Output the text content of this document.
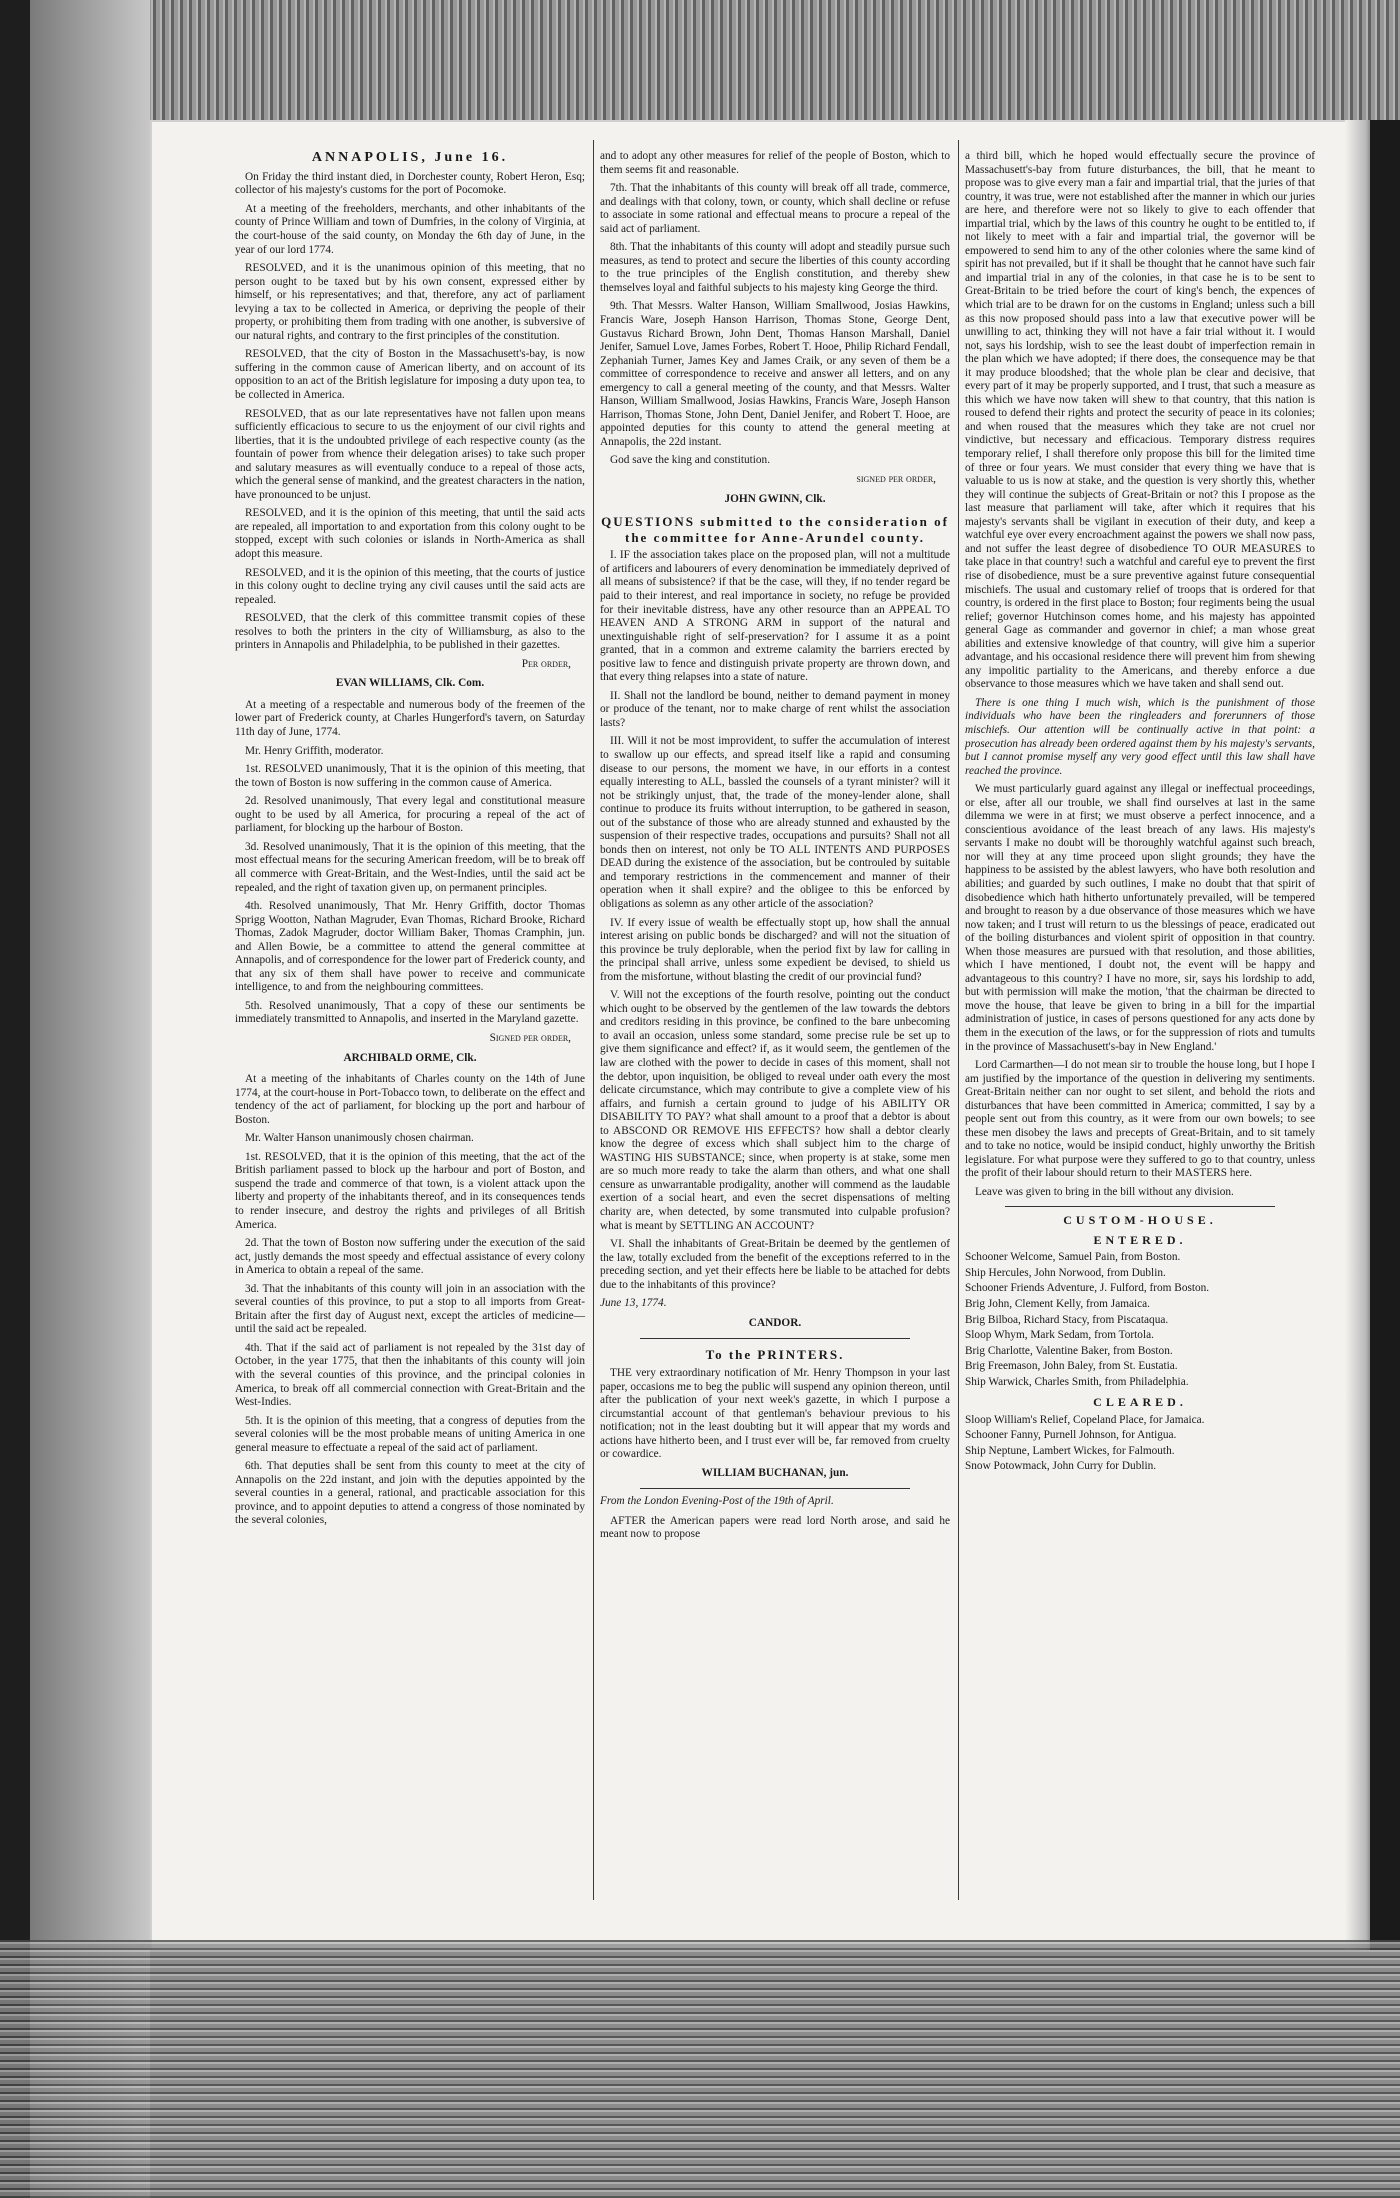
ANNAPOLIS, June 16.

On Friday the third instant died, in Dorchester county, Robert Heron, Esq; collector of his majesty's customs for the port of Pocomoke.

At a meeting of the freeholders, merchants, and other inhabitants of the county of Prince William and town of Dumfries, in the colony of Virginia, at the court-house of the said county, on Monday the 6th day of June, in the year of our lord 1774.

RESOLVED, and it is the unanimous opinion of this meeting, that no person ought to be taxed but by his own consent, expressed either by himself, or his representatives; and that, therefore, any act of parliament levying a tax to be collected in America, or depriving the people of their property, or prohibiting them from trading with one another, is subversive of our natural rights, and contrary to the first principles of the constitution.

RESOLVED, that the city of Boston in the Massachusett's-bay, is now suffering in the common cause of American liberty, and on account of its opposition to an act of the British legislature for imposing a duty upon tea, to be collected in America.

RESOLVED, that as our late representatives have not fallen upon means sufficiently efficacious to secure to us the enjoyment of our civil rights and liberties, that it is the undoubted privilege of each respective county (as the fountain of power from whence their delegation arises) to take such proper and salutary measures as will eventually conduce to a repeal of those acts, which the general sense of mankind, and the greatest characters in the nation, have pronounced to be unjust.

RESOLVED, and it is the opinion of this meeting, that until the said acts are repealed, all importation to and exportation from this colony ought to be stopped, except with such colonies or islands in North-America as shall adopt this measure.

RESOLVED, and it is the opinion of this meeting, that the courts of justice in this colony ought to decline trying any civil causes until the said acts are repealed.

RESOLVED, that the clerk of this committee transmit copies of these resolves to both the printers in the city of Williamsburg, as also to the printers in Annapolis and Philadelphia, to be published in their gazettes.

Per order,
EVAN WILLIAMS, Clk. Com.

At a meeting of a respectable and numerous body of the freemen of the lower part of Frederick county, at Charles Hungerford's tavern, on Saturday 11th day of June, 1774.

Mr. Henry Griffith, moderator.

1st. RESOLVED unanimously, That it is the opinion of this meeting, that the town of Boston is now suffering in the common cause of America.

2d. Resolved unanimously, That every legal and constitutional measure ought to be used by all America, for procuring a repeal of the act of parliament, for blocking up the harbour of Boston.

3d. Resolved unanimously, That it is the opinion of this meeting, that the most effectual means for the securing American freedom, will be to break off all commerce with Great-Britain, and the West-Indies, until the said act be repealed, and the right of taxation given up, on permanent principles.

4th. Resolved unanimously, That Mr. Henry Griffith, doctor Thomas Sprigg Wootton, Nathan Magruder, Evan Thomas, Richard Brooke, Richard Thomas, Zadok Magruder, doctor William Baker, Thomas Cramphin, jun. and Allen Bowie, be a committee to attend the general committee at Annapolis, and of correspondence for the lower part of Frederick county, and that any six of them shall have power to receive and communicate intelligence, to and from the neighbouring committees.

5th. Resolved unanimously, That a copy of these our sentiments be immediately transmitted to Annapolis, and inserted in the Maryland gazette.

Signed per order,
ARCHIBALD ORME, Clk.

At a meeting of the inhabitants of Charles county on the 14th of June 1774, at the court-house in Port-Tobacco town, to deliberate on the effect and tendency of the act of parliament, for blocking up the port and harbour of Boston.

Mr. Walter Hanson unanimously chosen chairman.

1st. RESOLVED, that it is the opinion of this meeting, that the act of the British parliament passed to block up the harbour and port of Boston, and suspend the trade and commerce of that town, is a violent attack upon the liberty and property of the inhabitants thereof, and in its consequences tends to render insecure, and destroy the rights and privileges of all British America.

2d. That the town of Boston now suffering under the execution of the said act, justly demands the most speedy and effectual assistance of every colony in America to obtain a repeal of the same.

3d. That the inhabitants of this county will join in an association with the several counties of this province, to put a stop to all imports from Great-Britain after the first day of August next, except the articles of medicine—until the said act be repealed.

4th. That if the said act of parliament is not repealed by the 31st day of October, in the year 1775, that then the inhabitants of this county will join with the several counties of this province, and the principal colonies in America, to break off all commercial connection with Great-Britain and the West-Indies.

5th. It is the opinion of this meeting, that a congress of deputies from the several colonies will be the most probable means of uniting America in one general measure to effectuate a repeal of the said act of parliament.

6th. That deputies shall be sent from this county to meet at the city of Annapolis on the 22d instant, and join with the deputies appointed by the several counties in a general, rational, and practicable association for this province, and to appoint deputies to attend a congress of those nominated by the several colonies,

and to adopt any other measures for relief of the people of Boston, which to them seems fit and reasonable.

7th. That the inhabitants of this county will break off all trade, commerce, and dealings with that colony, town, or county, which shall decline or refuse to associate in some rational and effectual means to procure a repeal of the said act of parliament.

8th. That the inhabitants of this county will adopt and steadily pursue such measures, as tend to protect and secure the liberties of this county according to the true principles of the English constitution, and thereby shew themselves loyal and faithful subjects to his majesty king George the third.

9th. That Messrs. Walter Hanson, William Smallwood, Josias Hawkins, Francis Ware, Joseph Hanson Harrison, Thomas Stone, George Dent, Gustavus Richard Brown, John Dent, Thomas Hanson Marshall, Daniel Jenifer, Samuel Love, James Forbes, Robert T. Hooe, Philip Richard Fendall, Zephaniah Turner, James Key and James Craik, or any seven of them be a committee of correspondence to receive and answer all letters, and on any emergency to call a general meeting of the county, and that Messrs. Walter Hanson, William Smallwood, Josias Hawkins, Francis Ware, Joseph Hanson Harrison, Thomas Stone, John Dent, Daniel Jenifer, and Robert T. Hooe, are appointed deputies for this county to attend the general meeting at Annapolis, the 22d instant.

God save the king and constitution.

signed per order,
JOHN GWINN, Clk.
QUESTIONS submitted to the consideration of the committee for Anne-Arundel county.

I. IF the association takes place on the proposed plan, will not a multitude of artificers and labourers of every denomination be immediately deprived of all means of subsistence? if that be the case, will they, if no tender regard be paid to their interest, and real importance in society, no refuge be provided for their inevitable distress, have any other resource than an APPEAL TO HEAVEN AND A STRONG ARM in support of the natural and unextinguishable right of self-preservation? for I assume it as a point granted, that in a common and extreme calamity the barriers erected by positive law to fence and distinguish private property are thrown down, and that every thing relapses into a state of nature.

II. Shall not the landlord be bound, neither to demand payment in money or produce of the tenant, nor to make charge of rent whilst the association lasts?

III. Will it not be most improvident, to suffer the accumulation of interest to swallow up our effects, and spread itself like a rapid and consuming disease to our persons, the moment we have, in our efforts in a contest equally interesting to ALL, bassled the counsels of a tyrant minister? will it not be strikingly unjust, that, the trade of the money-lender alone, shall continue to produce its fruits without interruption, to be gathered in season, out of the substance of those who are already stunned and exhausted by the suspension of their respective trades, occupations and pursuits? Shall not all bonds then on interest, not only be TO ALL INTENTS AND PURPOSES DEAD during the existence of the association, but be controuled by suitable and temporary restrictions in the commencement and manner of their operation when it shall expire? and the obligee to this be enforced by obligations as solemn as any other article of the association?

IV. If every issue of wealth be effectually stopt up, how shall the annual interest arising on public bonds be discharged? and will not the situation of this province be truly deplorable, when the period fixt by law for calling in the principal shall arrive, unless some expedient be devised, to shield us from the misfortune, without blasting the credit of our provincial fund?

V. Will not the exceptions of the fourth resolve, pointing out the conduct which ought to be observed by the gentlemen of the law towards the debtors and creditors residing in this province, be confined to the bare unbecoming to avail an occasion, unless some standard, some precise rule be set up to give them significance and effect? if, as it would seem, the gentlemen of the law are clothed with the power to decide in cases of this moment, shall not the debtor, upon inquisition, be obliged to reveal under oath every the most delicate circumstance, which may contribute to give a complete view of his affairs, and furnish a certain ground to judge of his ABILITY OR DISABILITY TO PAY? what shall amount to a proof that a debtor is about to ABSCOND OR REMOVE HIS EFFECTS? how shall a debtor clearly know the degree of excess which shall subject him to the charge of WASTING HIS SUBSTANCE; since, when property is at stake, some men are so much more ready to take the alarm than others, and what one shall censure as unwarrantable prodigality, another will commend as the laudable exertion of a social heart, and even the secret dispensations of melting charity are, when detected, by some transmuted into culpable profusion? what is meant by SETTLING AN ACCOUNT?

VI. Shall the inhabitants of Great-Britain be deemed by the gentlemen of the law, totally excluded from the benefit of the exceptions referred to in the preceding section, and yet their effects here be liable to be attached for debts due to the inhabitants of this province?

June 13, 1774.
CANDOR.
To the PRINTERS.

THE very extraordinary notification of Mr. Henry Thompson in your last paper, occasions me to beg the public will suspend any opinion thereon, until after the publication of your next week's gazette, in which I purpose a circumstantial account of that gentleman's behaviour previous to his notification; not in the least doubting but it will appear that my words and actions have hitherto been, and I trust ever will be, far removed from cruelty or cowardice.

WILLIAM BUCHANAN, jun.
From the London Evening-Post of the 19th of April.

AFTER the American papers were read lord North arose, and said he meant now to propose

a third bill, which he hoped would effectually secure the province of Massachusett's-bay from future disturbances, the bill, that he meant to propose was to give every man a fair and impartial trial, that the juries of that country, it was true, were not established after the manner in which our juries are here, and therefore were not so likely to give to each offender that impartial trial, which by the laws of this country he ought to be entitled to, if not likely to meet with a fair and impartial trial, the governor will be empowered to send him to any of the other colonies where the same kind of spirit has not prevailed, but if it shall be thought that he cannot have such fair and impartial trial in any of the colonies, in that case he is to be sent to Great-Britain to be tried before the court of king's bench, the expences of which trial are to be drawn for on the customs in England; unless such a bill as this now proposed should pass into a law that executive power will be unwilling to act, thinking they will not have a fair trial without it. I would not, says his lordship, wish to see the least doubt of imperfection remain in the plan which we have adopted; if there does, the consequence may be that it may produce bloodshed; that the whole plan be clear and decisive, that every part of it may be properly supported, and I trust, that such a measure as this which we have now taken will shew to that country, that this nation is roused to defend their rights and protect the security of peace in its colonies; and when roused that the measures which they take are not cruel nor vindictive, but necessary and efficacious. Temporary distress requires temporary relief, I shall therefore only propose this bill for the limited time of three or four years. We must consider that every thing we have that is valuable to us is now at stake, and the question is very shortly this, whether they will continue the subjects of Great-Britain or not? this I propose as the last measure that parliament will take, after which it requires that his majesty's servants shall be vigilant in execution of their duty, and keep a watchful eye over every encroachment against the powers we shall now pass, and not suffer the least degree of disobedience TO OUR MEASURES to take place in that country! such a watchful and careful eye to prevent the first rise of disobedience, must be a sure preventive against future consequential mischiefs. The usual and customary relief of troops that is ordered for that country, is ordered in the first place to Boston; four regiments being the usual relief; governor Hutchinson comes home, and his majesty has appointed general Gage as commander and governor in chief; a man whose great abilities and extensive knowledge of that country, will give him a superior advantage, and his occasional residence there will prevent him from shewing any impolitic partiality to the Americans, and thereby enforce a due observance to those measures which we have taken and shall send out.

There is one thing I much wish, which is the punishment of those individuals who have been the ringleaders and forerunners of those mischiefs. Our attention will be continually active in that point: a prosecution has already been ordered against them by his majesty's servants, but I cannot promise myself any very good effect until this law shall have reached the province.

We must particularly guard against any illegal or ineffectual proceedings, or else, after all our trouble, we shall find ourselves at last in the same dilemma we were in at first; we must observe a perfect innocence, and a conscientious avoidance of the least breach of any laws. His majesty's servants I make no doubt will be thoroughly watchful against such breach, nor will they at any time proceed upon slight grounds; they have the happiness to be assisted by the ablest lawyers, who have both resolution and abilities; and guarded by such outlines, I make no doubt that that spirit of disobedience which hath hitherto unfortunately prevailed, will be tempered and brought to reason by a due observance of those measures which we have now taken; and I trust will return to us the blessings of peace, eradicated out of the boiling disturbances and violent spirit of opposition in that country. When those measures are pursued with that resolution, and those abilities, which I have mentioned, I doubt not, the event will be happy and advantageous to this country? I have no more, sir, says his lordship to add, but with permission will make the motion, 'that the chairman be directed to move the house, that leave be given to bring in a bill for the impartial administration of justice, in cases of persons questioned for any acts done by them in the execution of the laws, or for the suppression of riots and tumults in the province of Massachusett's-bay in New England.'

Lord Carmarthen—I do not mean sir to trouble the house long, but I hope I am justified by the importance of the question in delivering my sentiments. Great-Britain neither can nor ought to set silent, and behold the riots and disturbances that have been committed in America; committed, I say by a people sent out from this country, as it were from our own bowels; to see these men disobey the laws and precepts of Great-Britain, and to sit tamely and to take no notice, would be insipid conduct, highly unworthy the British legislature. For what purpose were they suffered to go to that country, unless the profit of their labour should return to their MASTERS here.

Leave was given to bring in the bill without any division.

CUSTOM-HOUSE.
ENTERED.

Schooner Welcome, Samuel Pain, from Boston.

Ship Hercules, John Norwood, from Dublin.

Schooner Friends Adventure, J. Fulford, from Boston.

Brig John, Clement Kelly, from Jamaica.

Brig Bilboa, Richard Stacy, from Piscataqua.

Sloop Whym, Mark Sedam, from Tortola.

Brig Charlotte, Valentine Baker, from Boston.

Brig Freemason, John Baley, from St. Eustatia.

Ship Warwick, Charles Smith, from Philadelphia.

CLEARED.

Sloop William's Relief, Copeland Place, for Jamaica.

Schooner Fanny, Purnell Johnson, for Antigua.

Ship Neptune, Lambert Wickes, for Falmouth.

Snow Potowmack, John Curry for Dublin.
